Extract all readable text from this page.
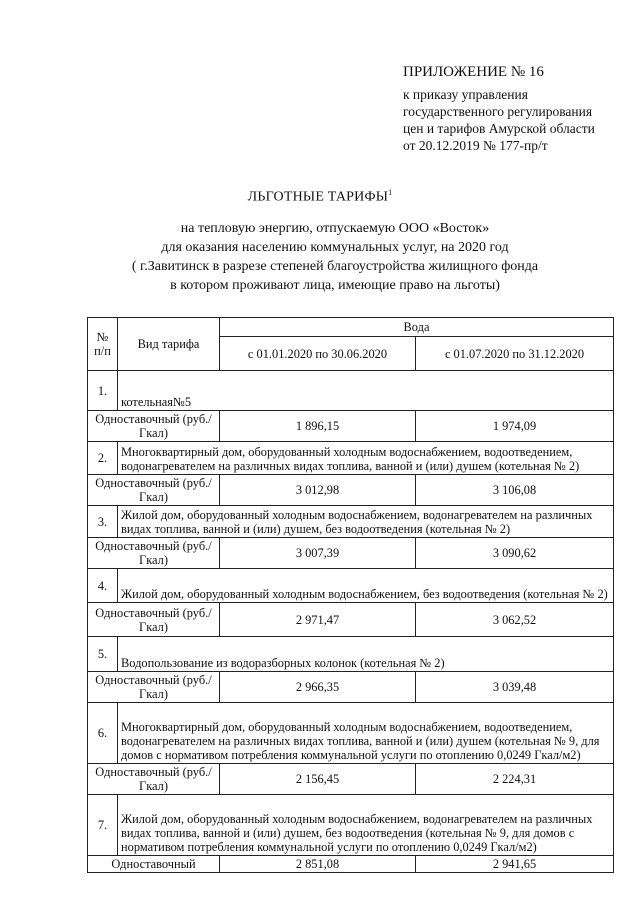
ПРИЛОЖЕНИЕ № 16
к приказу управления
государственного регулирования
цен и тарифов Амурской области
от 20.12.2019 № 177-пр/т
ЛЬГОТНЫЕ ТАРИФЫ$^1$
на тепловую энергию, отпускаемую ООО «Восток»
для оказания населению коммунальных услуг, на 2020 год
( г.Завитинск в разрезе степеней благоустройства жилищного фонда
в котором проживают лица, имеющие право на льготы)
№ п/п	Вид тарифа	Вода	
		с 01.01.2020 по 30.06.2020	с 01.07.2020 по 31.12.2020
1.	котельная№5		
Одноставочный (руб./Гкал)		1 896,15	1 974,09
2.	Многоквартирный дом, оборудованный холодным водоснабжением, водоотведением, водонагревателем на различных видах топлива, ванной и (или) душем (котельная № 2)		
Одноставочный (руб./Гкал)		3 012,98	3 106,08
3.	Жилой дом, оборудованный холодным водоснабжением, водонагревателем на различных видах топлива, ванной и (или) душем, без водоотведения (котельная № 2)		
Одноставочный (руб./Гкал)		3 007,39	3 090,62
4.	Жилой дом, оборудованный холодным водоснабжением, без водоотведения (котельная № 2)		
Одноставочный (руб./Гкал)		2 971,47	3 062,52
5.	Водопользование из водоразборных колонок (котельная № 2)		
Одноставочный (руб./Гкал)		2 966,35	3 039,48
6.	Многоквартирный дом, оборудованный холодным водоснабжением, водоотведением, водонагревателем на различных видах топлива, ванной и (или) душем (котельная № 9, для домов с нормативом потребления коммунальной услуги по отоплению 0,0249 Гкал/м2)		
Одноставочный (руб./Гкал)		2 156,45	2 224,31
7.	Жилой дом, оборудованный холодным водоснабжением, водонагревателем на различных видах топлива, ванной и (или) душем, без водоотведения (котельная № 9, для домов с нормативом потребления коммунальной услуги по отоплению 0,0249 Гкал/м2)		
Одноставочный		2 851,08	2 941,65
